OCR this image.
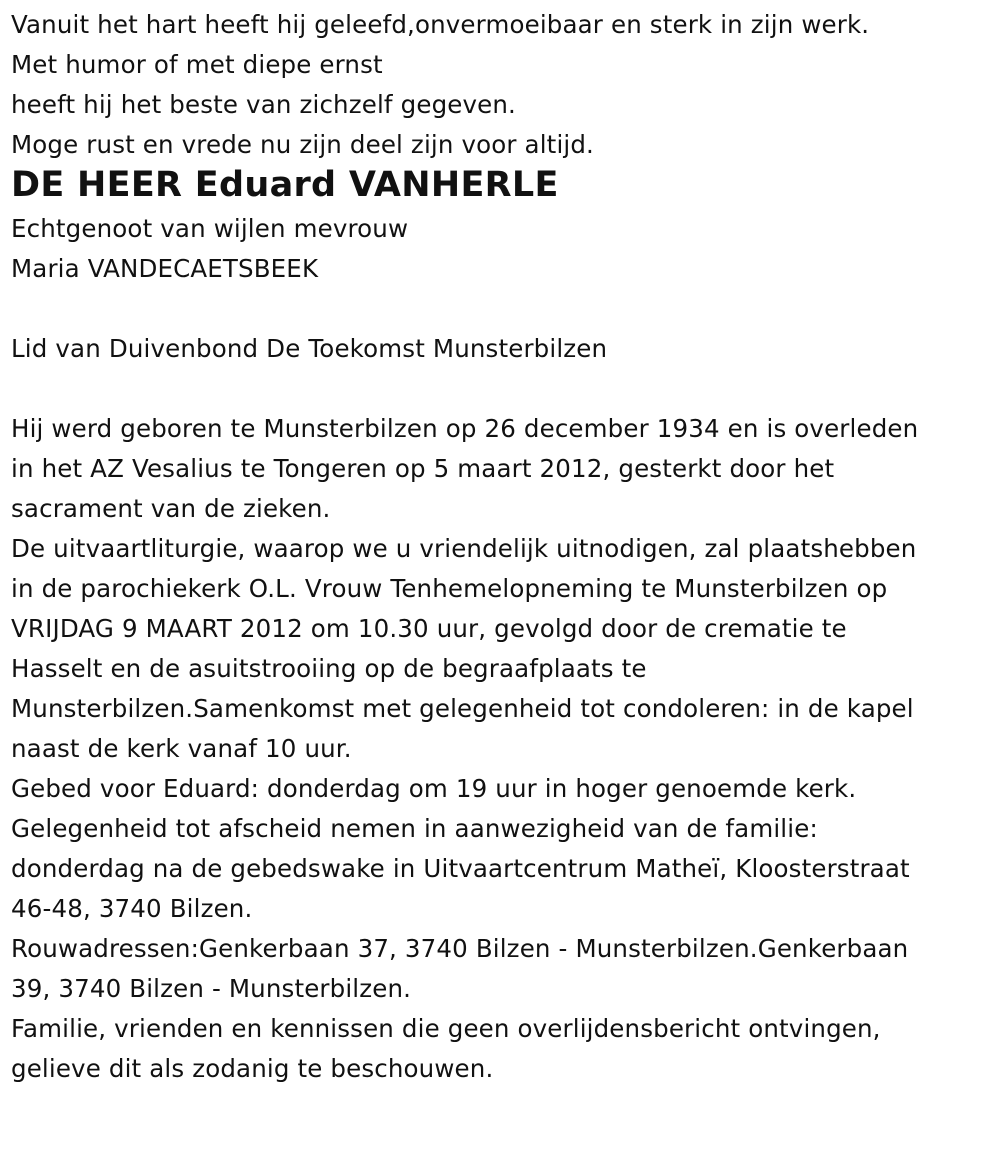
Vanuit het hart heeft hij geleefd,onvermoeibaar en sterk in zijn werk.
Met humor of met diepe ernst
heeft hij het beste van zichzelf gegeven.
Moge rust en vrede nu zijn deel zijn voor altijd.
DE HEER Eduard VANHERLE
Echtgenoot van wijlen mevrouw
Maria VANDECAETSBEEK
Lid van Duivenbond De Toekomst Munsterbilzen
Hij werd geboren te Munsterbilzen op 26 december 1934 en is overleden
in het AZ Vesalius te Tongeren op 5 maart 2012, gesterkt door het
sacrament van de zieken.
De uitvaartliturgie, waarop we u vriendelijk uitnodigen, zal plaatshebben
in de parochiekerk O.L. Vrouw Tenhemelopneming te Munsterbilzen op
VRIJDAG 9 MAART 2012 om 10.30 uur, gevolgd door de crematie te
Hasselt en de asuitstrooiing op de begraafplaats te
Munsterbilzen.Samenkomst met gelegenheid tot condoleren: in de kapel
naast de kerk vanaf 10 uur.
Gebed voor Eduard: donderdag om 19 uur in hoger genoemde kerk.
Gelegenheid tot afscheid nemen in aanwezigheid van de familie:
donderdag na de gebedswake in Uitvaartcentrum Matheï, Kloosterstraat
46-48, 3740 Bilzen.
Rouwadressen:Genkerbaan 37, 3740 Bilzen - Munsterbilzen.Genkerbaan
39, 3740 Bilzen - Munsterbilzen.
Familie, vrienden en kennissen die geen overlijdensbericht ontvingen,
gelieve dit als zodanig te beschouwen.
